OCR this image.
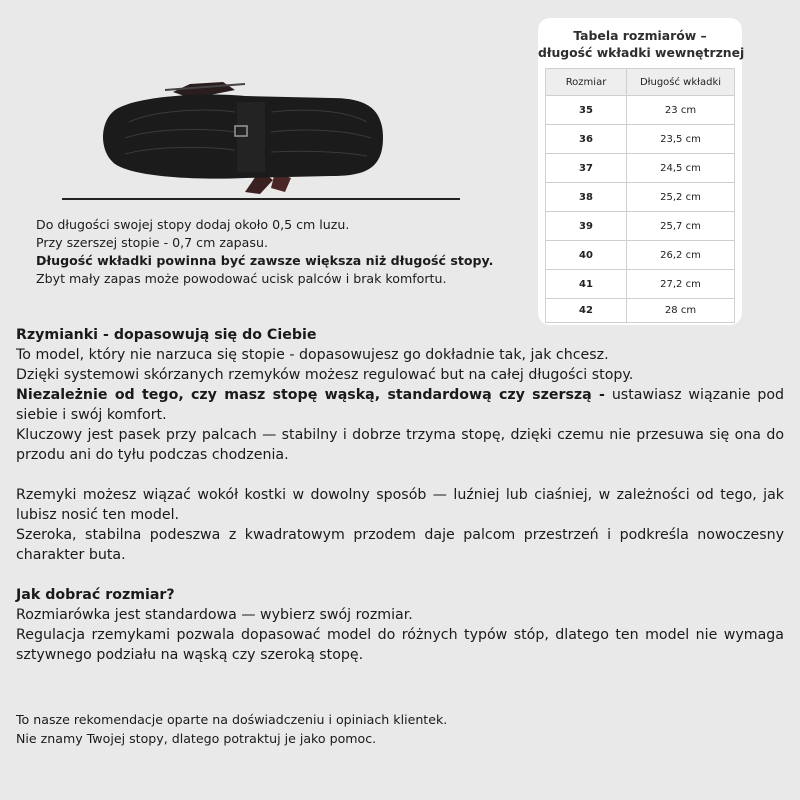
Do długości swojej stopy dodaj około 0,5 cm luzu.
Przy szerszej stopie - 0,7 cm zapasu.
Długość wkładki powinna być zawsze większa niż długość stopy.
Zbyt mały zapas może powodować ucisk palców i brak komfortu.
Tabela rozmiarów –
długość wkładki wewnętrznej
Rozmiar	Długość wkładki
35	23 cm
36	23,5 cm
37	24,5 cm
38	25,2 cm
39	25,7 cm
40	26,2 cm
41	27,2 cm
42	28 cm

Rzymianki - dopasowują się do Ciebie

To model, który nie narzuca się stopie - dopasowujesz go dokładnie tak, jak chcesz.

Dzięki systemowi skórzanych rzemyków możesz regulować but na całej długości stopy.

Niezależnie od tego, czy masz stopę wąską, standardową czy szerszą - ustawiasz wiązanie pod siebie i swój komfort.

Kluczowy jest pasek przy palcach — stabilny i dobrze trzyma stopę, dzięki czemu nie przesuwa się ona do przodu ani do tyłu podczas chodzenia.

Rzemyki możesz wiązać wokół kostki w dowolny sposób — luźniej lub ciaśniej, w zależności od tego, jak lubisz nosić ten model.

Szeroka, stabilna podeszwa z kwadratowym przodem daje palcom przestrzeń i podkreśla nowoczesny charakter buta.

Jak dobrać rozmiar?

Rozmiarówka jest standardowa — wybierz swój rozmiar.

Regulacja rzemykami pozwala dopasować model do różnych typów stóp, dlatego ten model nie wymaga sztywnego podziału na wąską czy szeroką stopę.

To nasze rekomendacje oparte na doświadczeniu i opiniach klientek.
Nie znamy Twojej stopy, dlatego potraktuj je jako pomoc.
